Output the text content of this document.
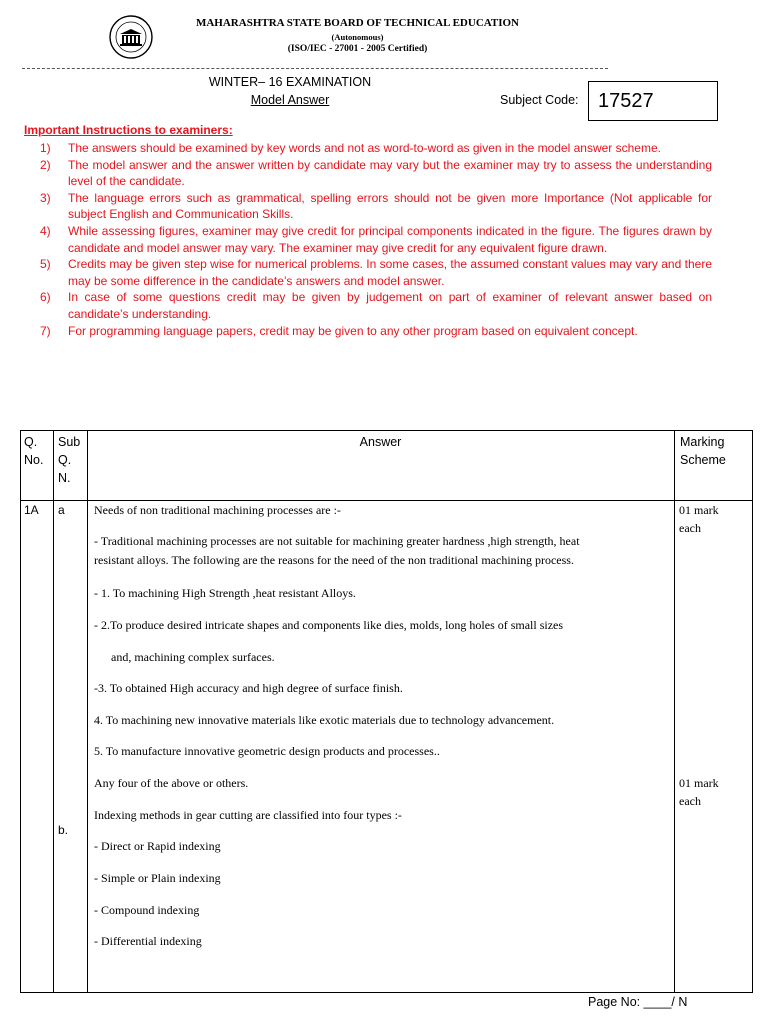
MAHARASHTRA STATE BOARD OF TECHNICAL EDUCATION
(Autonomous)
(ISO/IEC - 27001 - 2005 Certified)
WINTER– 16 EXAMINATION
Model Answer	Subject Code: 17527
Important Instructions to examiners:
1) The answers should be examined by key words and not as word-to-word as given in the model answer scheme.
2) The model answer and the answer written by candidate may vary but the examiner may try to assess the understanding level of the candidate.
3) The language errors such as grammatical, spelling errors should not be given more Importance (Not applicable for subject English and Communication Skills.
4) While assessing figures, examiner may give credit for principal components indicated in the figure. The figures drawn by candidate and model answer may vary. The examiner may give credit for any equivalent figure drawn.
5) Credits may be given step wise for numerical problems. In some cases, the assumed constant values may vary and there may be some difference in the candidate’s answers and model answer.
6) In case of some questions credit may be given by judgement on part of examiner of relevant answer based on candidate’s understanding.
7) For programming language papers, credit may be given to any other program based on equivalent concept.
Q.
No.
Sub
Q.
N.
Answer	Marking
Scheme
1A a
b.
Needs of non traditional machining processes are :-
- Traditional machining processes are not suitable for machining greater hardness ,high strength, heat
resistant alloys. The following are the reasons for the need of the non traditional machining process.
- 1. To machining High Strength ,heat resistant Alloys.
- 2.To produce desired intricate shapes and components like dies, molds, long holes of small sizes
and, machining complex surfaces.
-3. To obtained High accuracy and high degree of surface finish.
4. To machining new innovative materials like exotic materials due to technology advancement.
5. To manufacture innovative geometric design products and processes..
Any four of the above or others.
Indexing methods in gear cutting are classified into four types :-
- Direct or Rapid indexing
- Simple or Plain indexing
- Compound indexing
- Differential indexing
01 mark
each
01 mark
each
Page No: ____/ N
